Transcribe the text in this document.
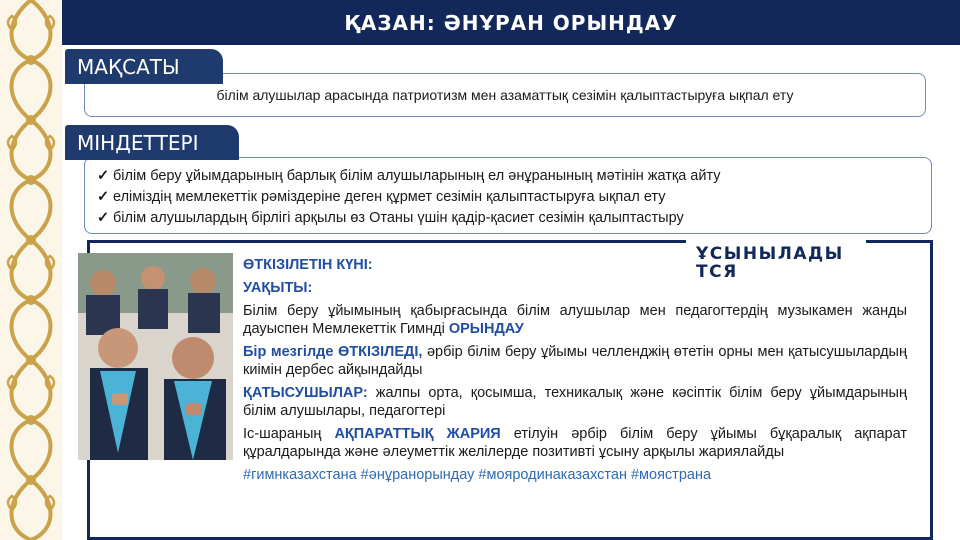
ҚАЗАН: ӘНҰРАН ОРЫНДАУ
білім алушылар арасында патриотизм мен азаматтық сезімін қалыптастыруға ықпал ету
МАҚСАТЫ
✓ білім беру ұйымдарының барлық білім алушыларының ел әнұранының мәтінін жатқа айту
✓ еліміздің мемлекеттік рәміздеріне деген құрмет сезімін қалыптастыруға ықпал ету
✓ білім алушылардың бірлігі арқылы өз Отаны үшін қадір-қасиет сезімін қалыптастыру
МІНДЕТТЕРІ
ҰСЫНЫЛАДЫ ТСЯ

ӨТКІЗІЛЕТІН КҮНІ:

УАҚЫТЫ:

Білім беру ұйымының қабырғасында білім алушылар мен педагогтердің музыкамен жанды дауыспен Мемлекеттік Гимнді ОРЫНДАУ

Бір мезгілде ӨТКІЗІЛЕДІ, әрбір білім беру ұйымы челленджің өтетін орны мен қатысушылардың киімін дербес айқындайды

ҚАТЫСУШЫЛАР: жалпы орта, қосымша, техникалық және кәсіптік білім беру ұйымдарының білім алушылары, педагогтері

Іс-шараның АҚПАРАТТЫҚ ЖАРИЯ етілуін әрбір білім беру ұйымы бұқаралық ақпарат құралдарында және әлеуметтік желілерде позитивті ұсыну арқылы жариялайды

#гимнказахстана #әнұранорындау #мояродинаказахстан #моястрана
